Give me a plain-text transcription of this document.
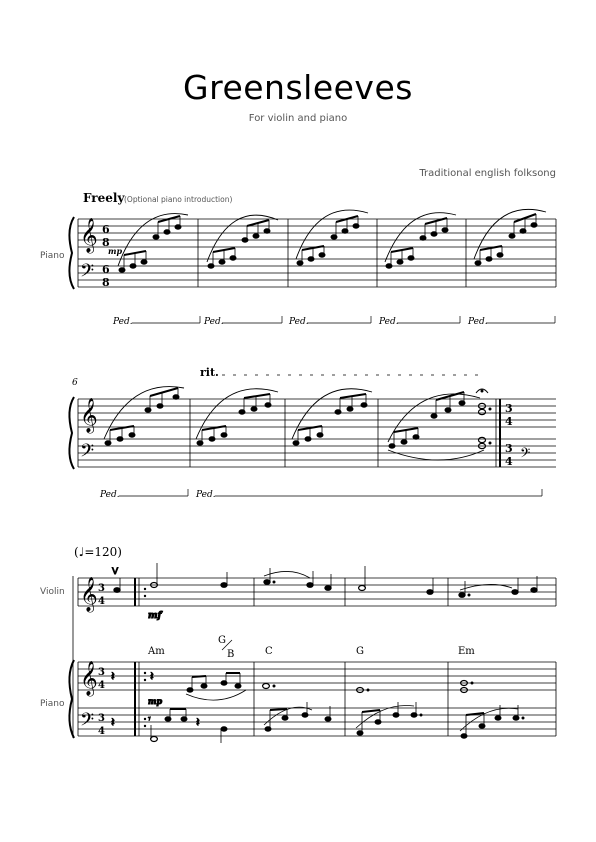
Greensleeves
For violin and piano
Traditional english folksong
Freely (Optional piano introduction)
Piano
𝄞
𝄢
6
8
6
8
mp
Ped.	Ped.	Ped.	Ped.	Ped.
6
rit.
𝄞
𝄢
3
4
3
4 𝄢
Ped.	Ped.
(♩=120)
Violin
Piano
𝄞
𝄞
𝄢
3
4
3
4
3
4
V
mf
Am
G
B	C	G	Em
𝄽	𝄽
mp
𝄽	𝄾	𝄽
